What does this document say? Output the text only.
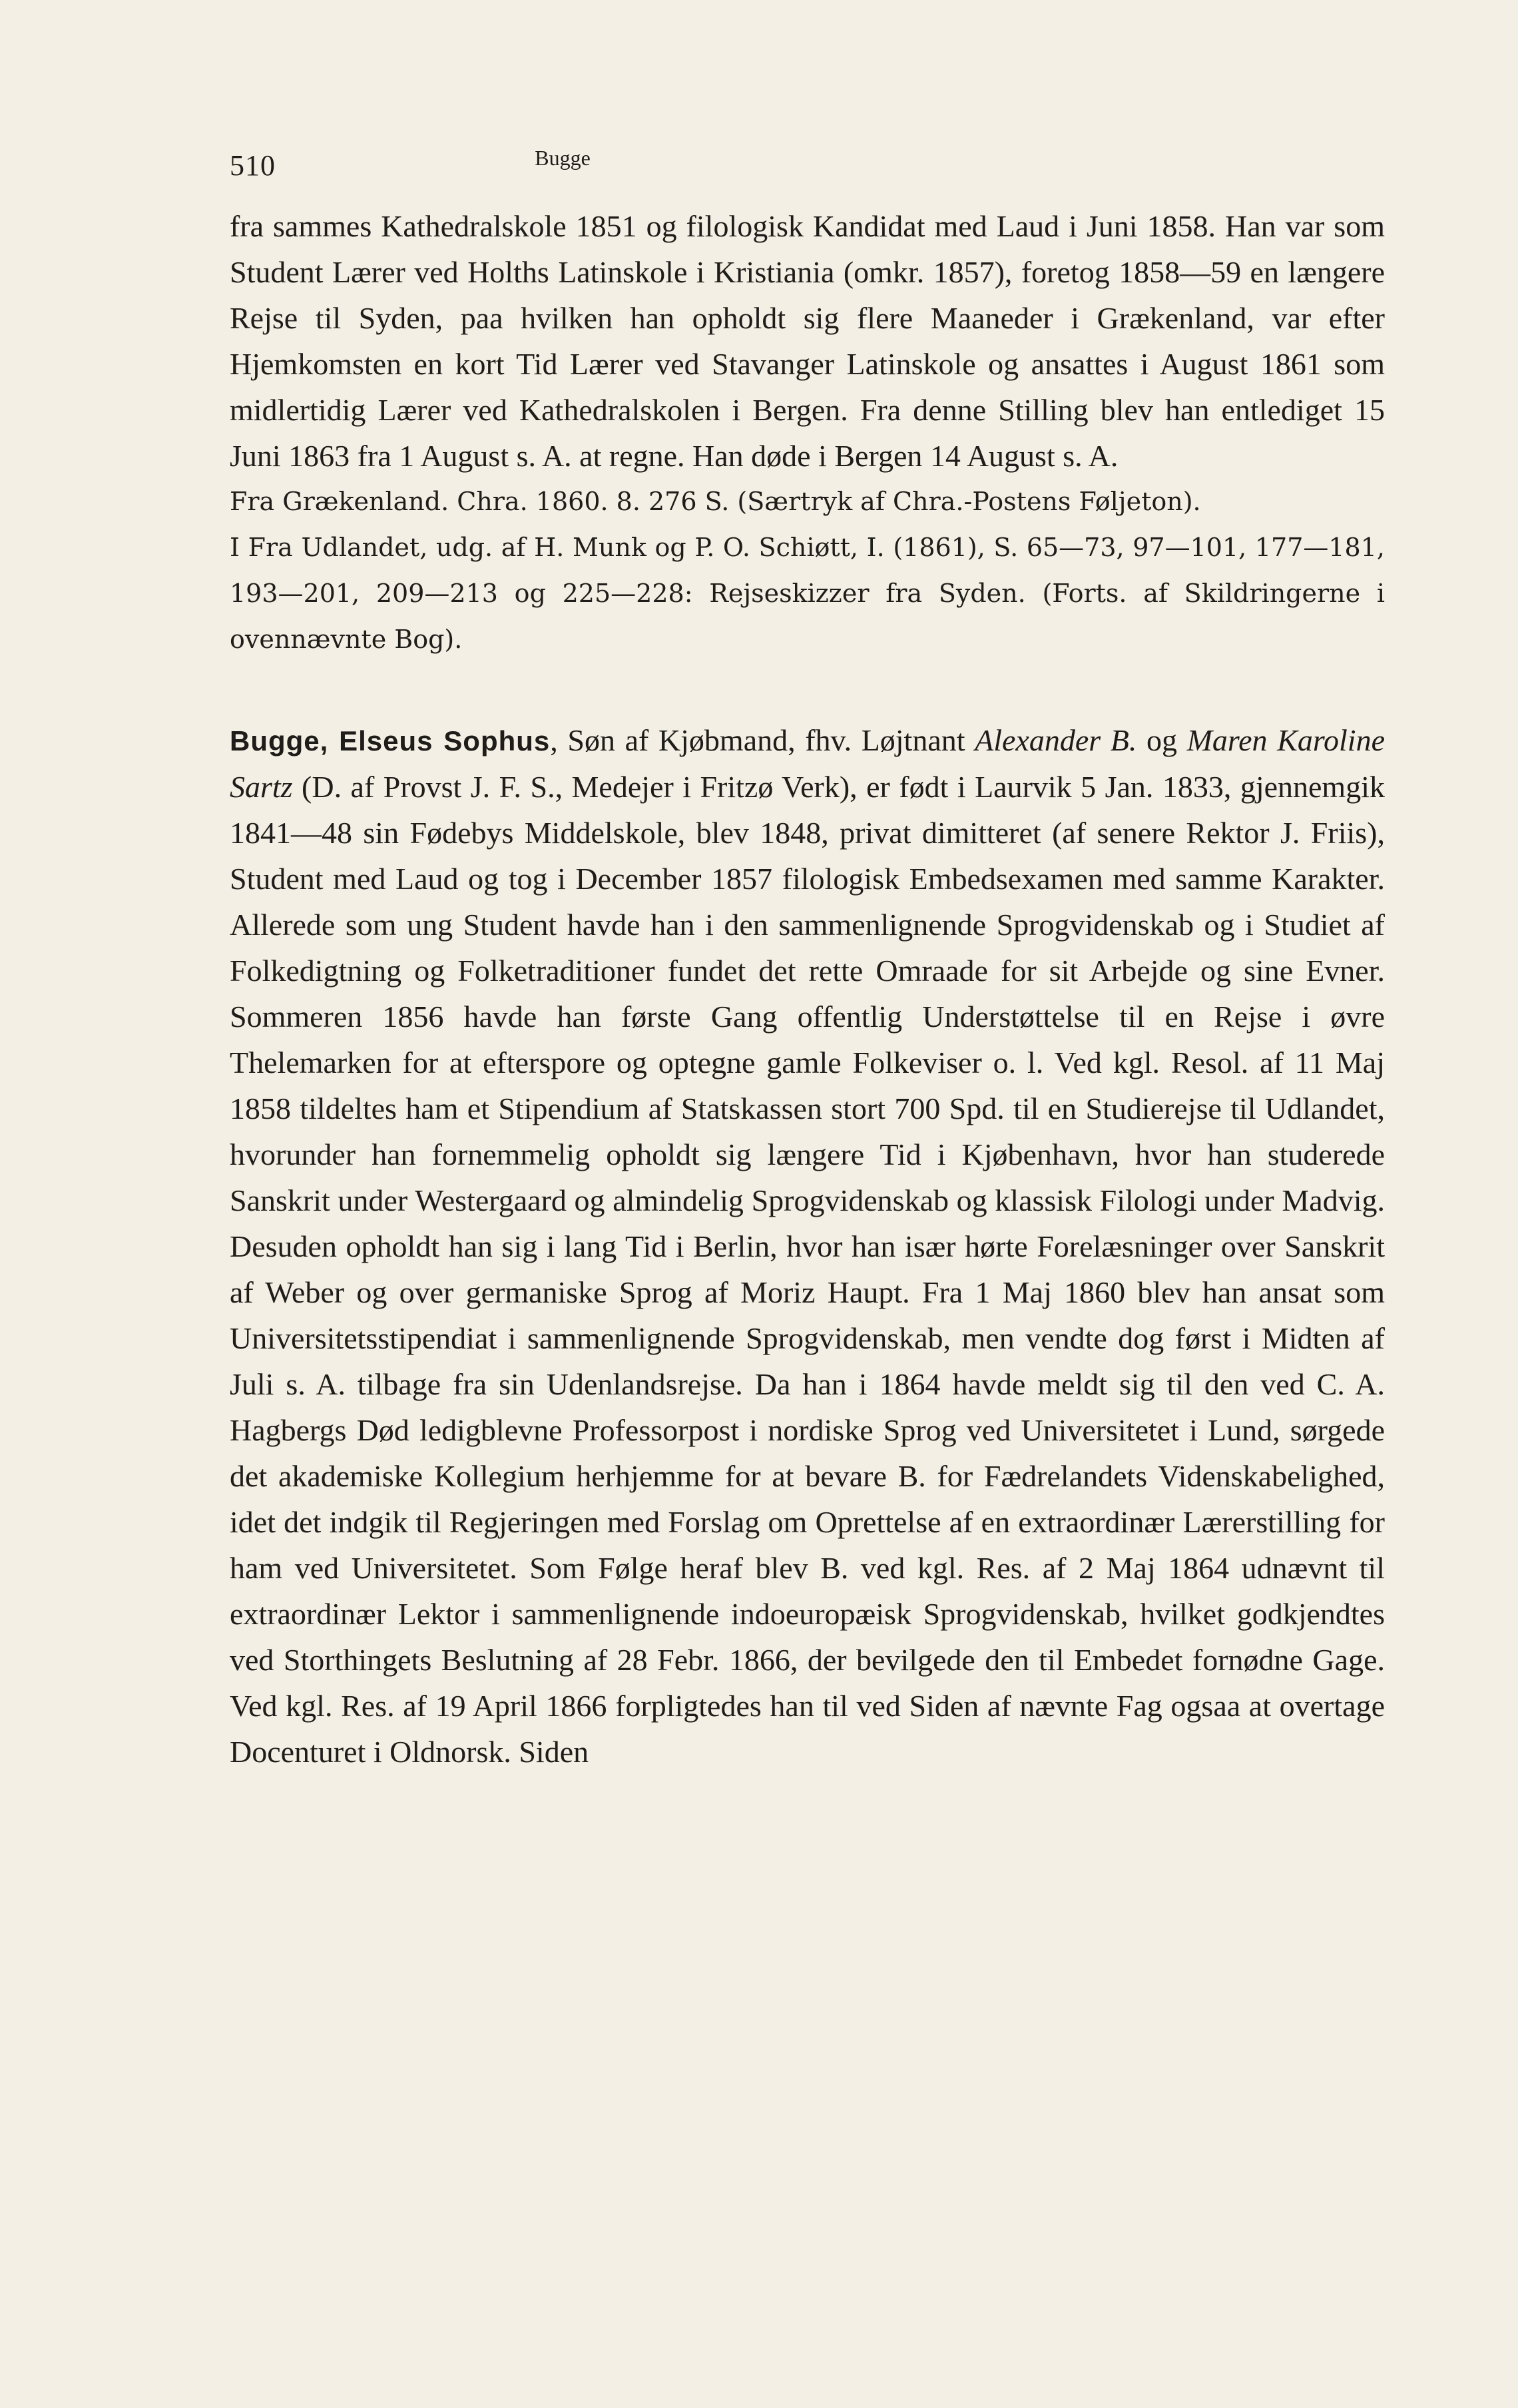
510	Bugge

fra sammes Kathedralskole 1851 og filologisk Kandidat med Laud i Juni 1858. Han var som Student Lærer ved Holths Latinskole i Kristiania (omkr. 1857), foretog 1858—59 en længere Rejse til Syden, paa hvilken han opholdt sig flere Maaneder i Grækenland, var efter Hjemkomsten en kort Tid Lærer ved Stavanger Latinskole og ansattes i August 1861 som midlertidig Lærer ved Kathedralskolen i Bergen. Fra denne Stilling blev han entlediget 15 Juni 1863 fra 1 August s. A. at regne. Han døde i Bergen 14 August s. A.

Fra Grækenland. Chra. 1860. 8. 276 S. (Særtryk af Chra.-Postens Føljeton).

I Fra Udlandet, udg. af H. Munk og P. O. Schiøtt, I. (1861), S. 65—73, 97—101, 177—181, 193—201, 209—213 og 225—228: Rejseskizzer fra Syden. (Forts. af Skildringerne i ovennævnte Bog).

Bugge, Elseus Sophus, Søn af Kjøbmand, fhv. Løjtnant Alexander B. og Maren Karoline Sartz (D. af Provst J. F. S., Medejer i Fritzø Verk), er født i Laurvik 5 Jan. 1833, gjennemgik 1841—48 sin Fødebys Middelskole, blev 1848, privat dimitteret (af senere Rektor J. Friis), Student med Laud og tog i December 1857 filologisk Embedsexamen med samme Karakter. Allerede som ung Student havde han i den sammenlignende Sprogvidenskab og i Studiet af Folkedigtning og Folketraditioner fundet det rette Omraade for sit Arbejde og sine Evner. Sommeren 1856 havde han første Gang offentlig Understøttelse til en Rejse i øvre Thelemarken for at efterspore og optegne gamle Folkeviser o. l. Ved kgl. Resol. af 11 Maj 1858 tildeltes ham et Stipendium af Statskassen stort 700 Spd. til en Studierejse til Udlandet, hvorunder han fornemmelig opholdt sig længere Tid i Kjøbenhavn, hvor han studerede Sanskrit under Westergaard og almindelig Sprogvidenskab og klassisk Filologi under Madvig. Desuden opholdt han sig i lang Tid i Berlin, hvor han især hørte Forelæsninger over Sanskrit af Weber og over germaniske Sprog af Moriz Haupt. Fra 1 Maj 1860 blev han ansat som Universitetsstipendiat i sammenlignende Sprogvidenskab, men vendte dog først i Midten af Juli s. A. tilbage fra sin Udenlandsrejse. Da han i 1864 havde meldt sig til den ved C. A. Hagbergs Død ledigblevne Professorpost i nordiske Sprog ved Universitetet i Lund, sørgede det akademiske Kollegium herhjemme for at bevare B. for Fædrelandets Videnskabelighed, idet det indgik til Regjeringen med Forslag om Oprettelse af en extraordinær Lærerstilling for ham ved Universitetet. Som Følge heraf blev B. ved kgl. Res. af 2 Maj 1864 udnævnt til extraordinær Lektor i sammenlignende indoeuropæisk Sprogvidenskab, hvilket godkjendtes ved Storthingets Beslutning af 28 Febr. 1866, der bevilgede den til Embedet fornødne Gage. Ved kgl. Res. af 19 April 1866 forpligtedes han til ved Siden af nævnte Fag ogsaa at overtage Docenturet i Oldnorsk. Siden
